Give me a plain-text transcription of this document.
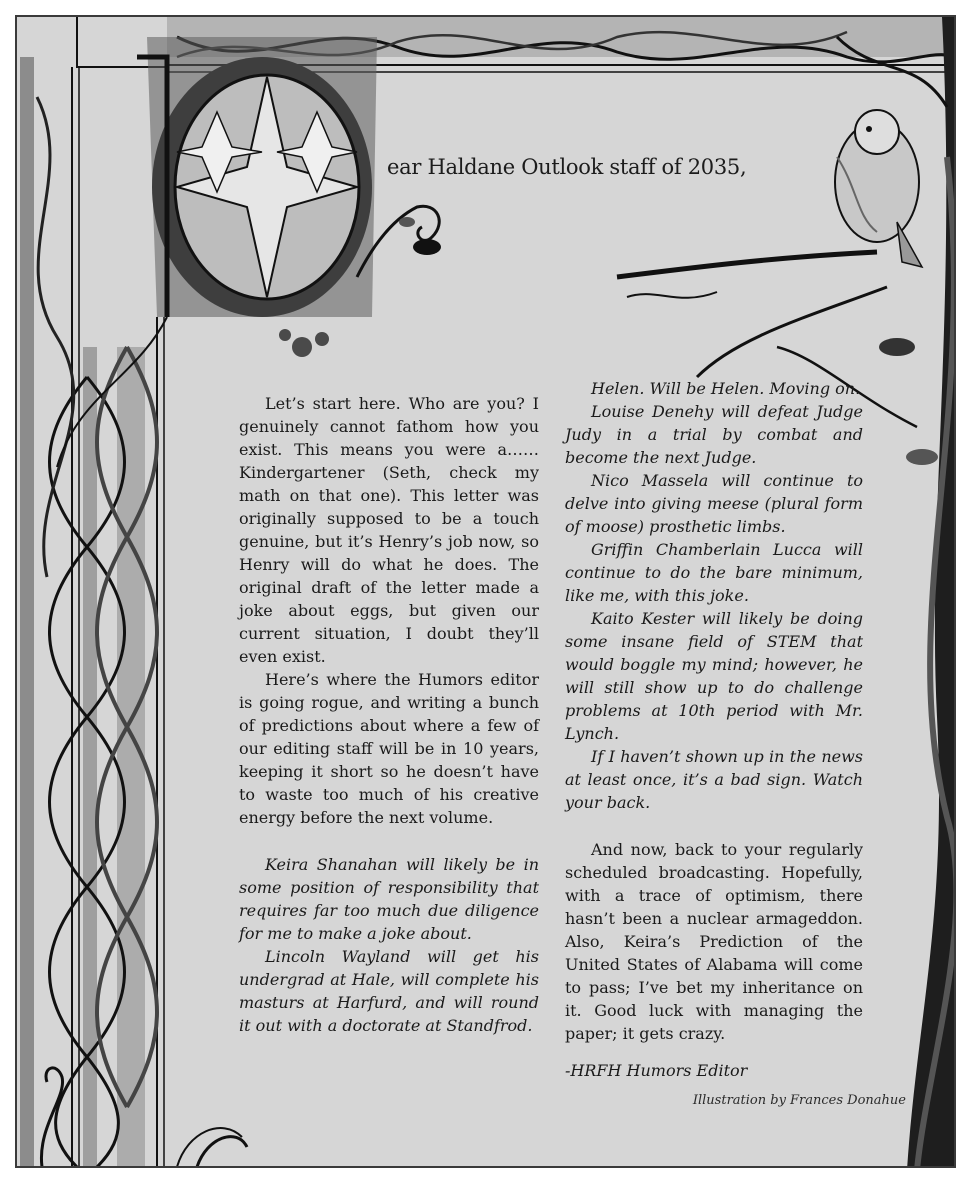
ear Haldane Outlook staff of 2035,

Let’s start here. Who are you? I genuinely cannot fathom how you exist. This means you were a…… Kindergartener (Seth, check my math on that one). This letter was originally supposed to be a touch genuine, but it’s Henry’s job now, so Henry will do what he does. The original draft of the letter made a joke about eggs, but given our current situation, I doubt they’ll even exist.

Here’s where the Humors editor is going rogue, and writing a bunch of predictions about where a few of our editing staff will be in 10 years, keeping it short so he doesn’t have to waste too much of his creative energy before the next volume.

Keira Shanahan will likely be in some position of responsibility that requires far too much due diligence for me to make a joke about.

Lincoln Wayland will get his undergrad at Hale, will complete his masturs at Harfurd, and will round it out with a doctorate at Standfrod.

Helen. Will be Helen. Moving on.

Louise Denehy will defeat Judge Judy in a trial by combat and become the next Judge.

Nico Massela will continue to delve into giving meese (plural form of moose) prosthetic limbs.

Griffin Chamberlain Lucca will continue to do the bare minimum, like me, with this joke.

Kaito Kester will likely be doing some insane field of STEM that would boggle my mind; however, he will still show up to do challenge problems at 10th period with Mr. Lynch.

If I haven’t shown up in the news at least once, it’s a bad sign. Watch your back.

And now, back to your regularly scheduled broadcasting. Hopefully, with a trace of optimism, there hasn’t been a nuclear armageddon. Also, Keira’s Prediction of the United States of Alabama will come to pass; I’ve bet my inheritance on it. Good luck with managing the paper; it gets crazy.

-HRFH Humors Editor

Illustration by Frances Donahue
